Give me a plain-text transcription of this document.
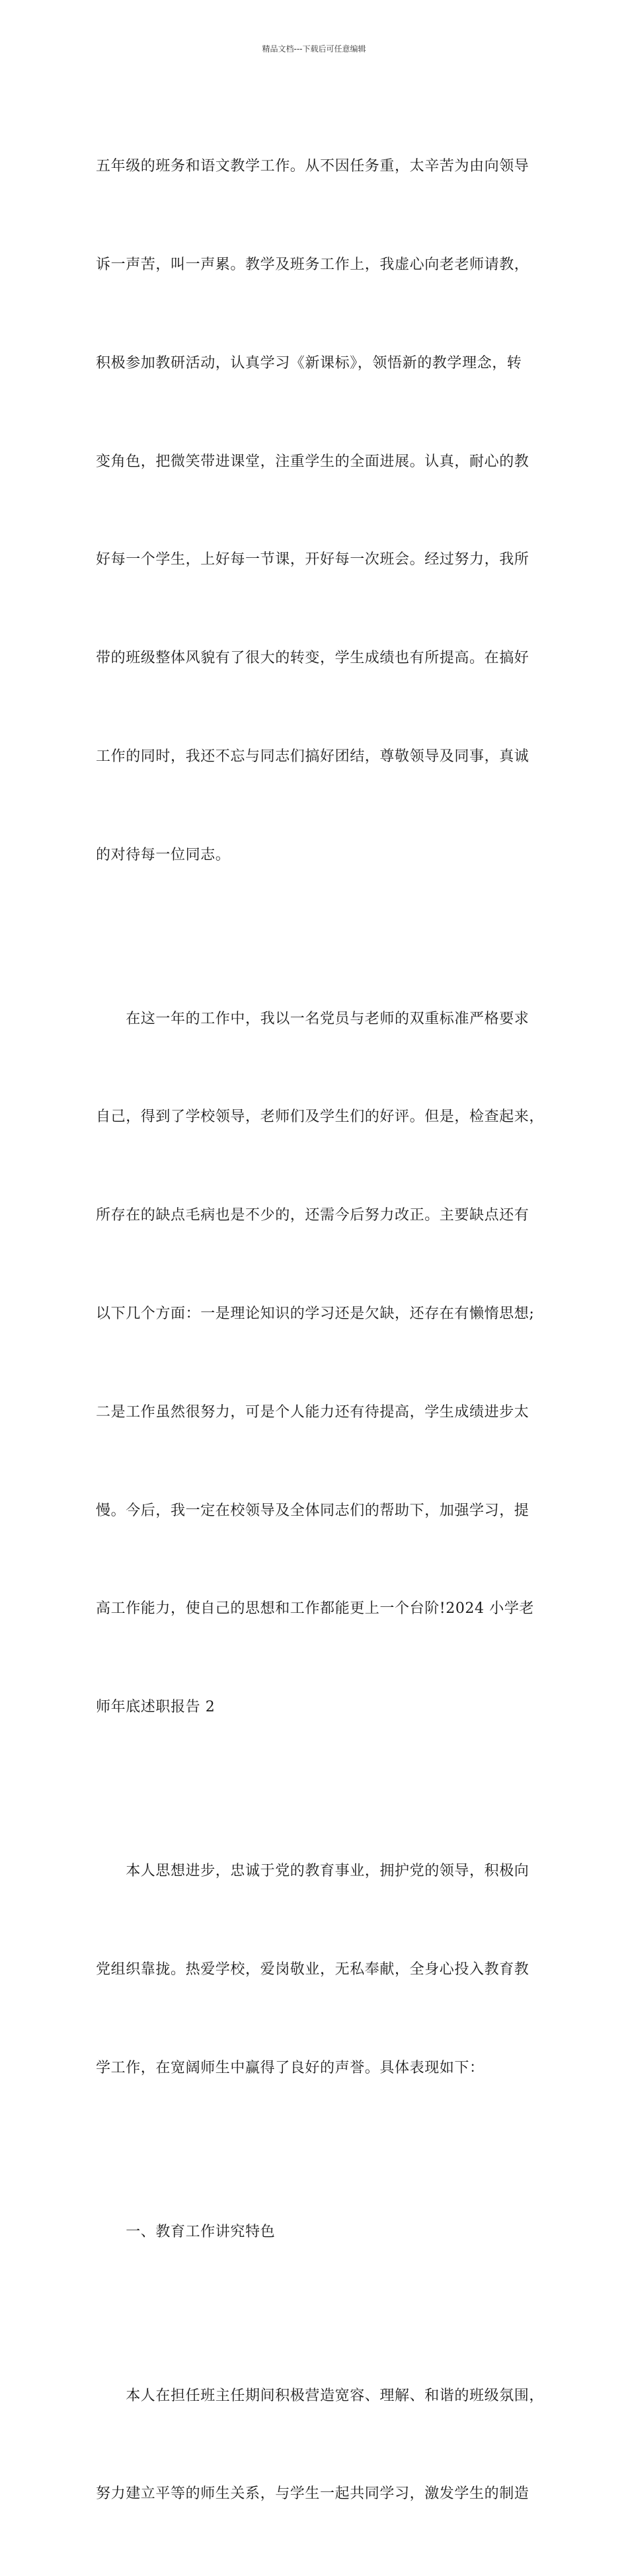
精品文档---下载后可任意编辑

五年级的班务和语文教学工作。从不因任务重，太辛苦为由向领导

诉一声苦，叫一声累。教学及班务工作上，我虚心向老老师请教，

积极参加教研活动，认真学习《新课标》，领悟新的教学理念，转

变角色，把微笑带进课堂，注重学生的全面进展。认真，耐心的教

好每一个学生，上好每一节课，开好每一次班会。经过努力，我所

带的班级整体风貌有了很大的转变，学生成绩也有所提高。在搞好

工作的同时，我还不忘与同志们搞好团结，尊敬领导及同事，真诚

的对待每一位同志。

　　在这一年的工作中，我以一名党员与老师的双重标准严格要求

自己，得到了学校领导，老师们及学生们的好评。但是，检查起来，

所存在的缺点毛病也是不少的，还需今后努力改正。主要缺点还有

以下几个方面：一是理论知识的学习还是欠缺，还存在有懒惰思想;

二是工作虽然很努力，可是个人能力还有待提高，学生成绩进步太

慢。今后，我一定在校领导及全体同志们的帮助下，加强学习，提

高工作能力，使自己的思想和工作都能更上一个台阶!2024 小学老

师年底述职报告 2

　　本人思想进步，忠诚于党的教育事业，拥护党的领导，积极向

党组织靠拢。热爱学校，爱岗敬业，无私奉献，全身心投入教育教

学工作，在宽阔师生中赢得了良好的声誉。具体表现如下：

　　一、教育工作讲究特色

　　本人在担任班主任期间积极营造宽容、理解、和谐的班级氛围，

努力建立平等的师生关系，与学生一起共同学习，激发学生的制造
